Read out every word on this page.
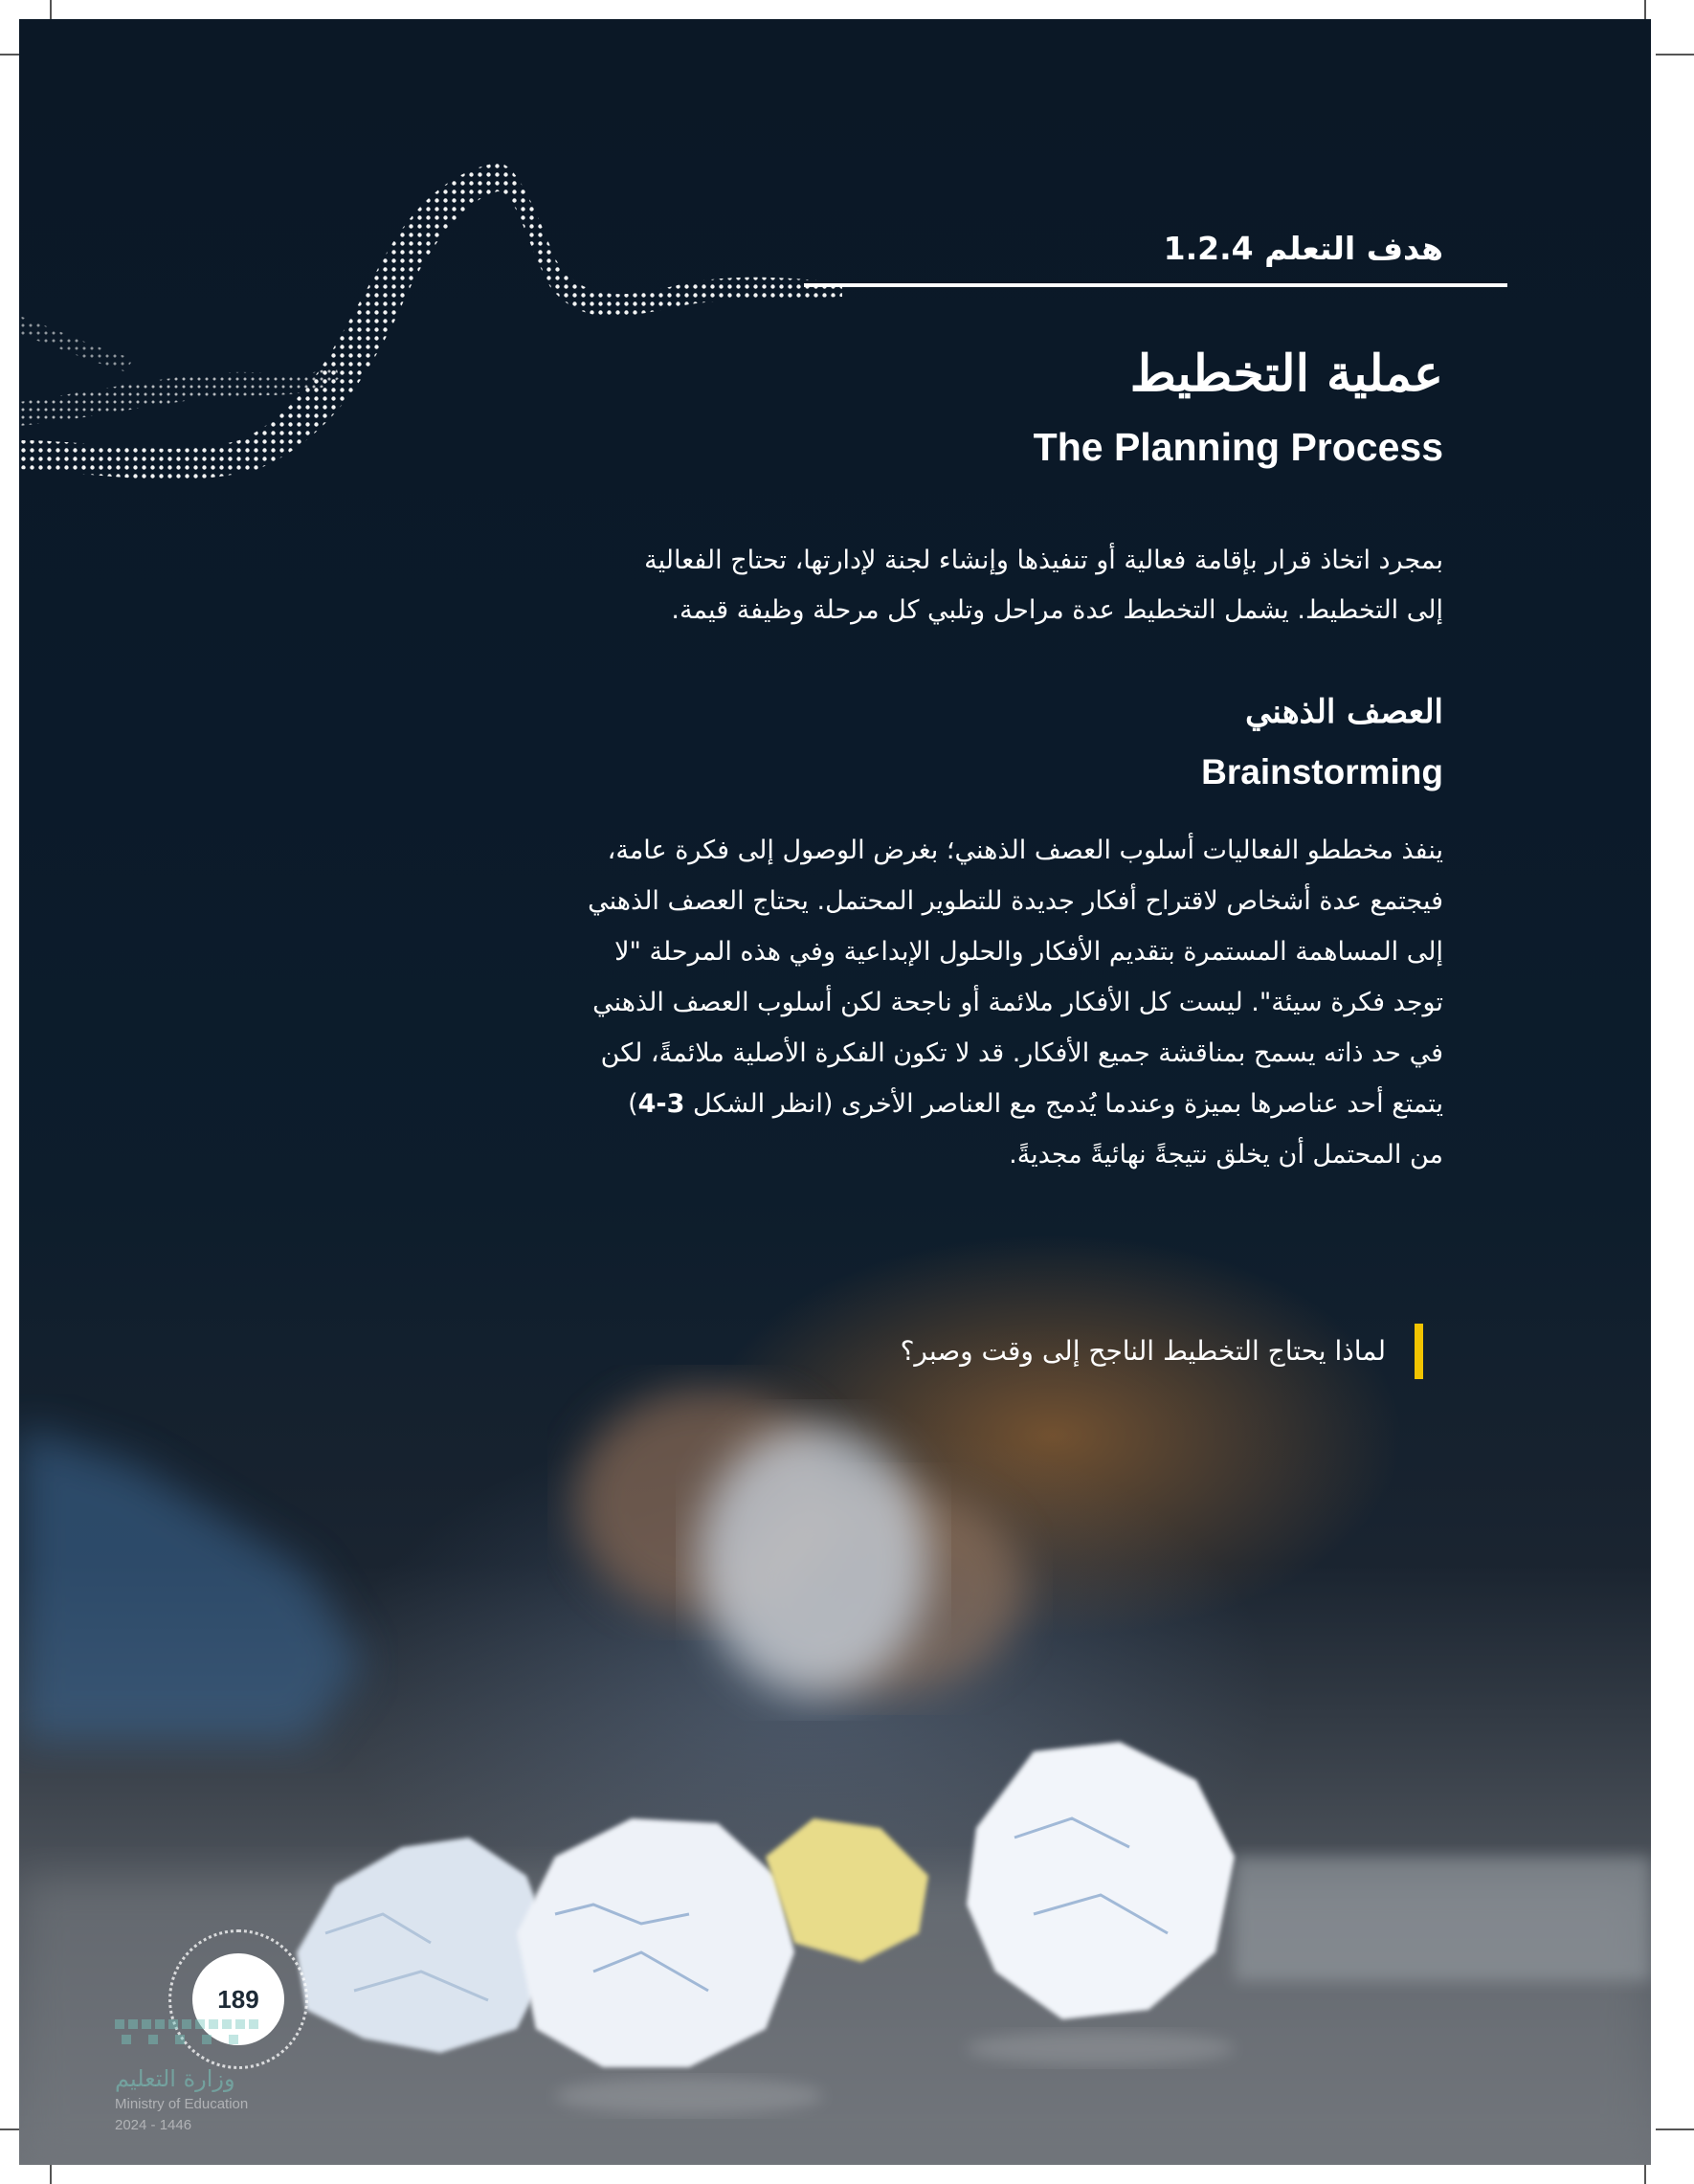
هدف التعلم 1.2.4
عملية التخطيط
The Planning Process
بمجرد اتخاذ قرار بإقامة فعالية أو تنفيذها وإنشاء لجنة لإدارتها، تحتاج الفعالية
إلى التخطيط. يشمل التخطيط عدة مراحل وتلبي كل مرحلة وظيفة قيمة.
العصف الذهني
Brainstorming
ينفذ مخططو الفعاليات أسلوب العصف الذهني؛ بغرض الوصول إلى فكرة عامة،
فيجتمع عدة أشخاص لاقتراح أفكار جديدة للتطوير المحتمل. يحتاج العصف الذهني
إلى المساهمة المستمرة بتقديم الأفكار والحلول الإبداعية وفي هذه المرحلة "لا
توجد فكرة سيئة". ليست كل الأفكار ملائمة أو ناجحة لكن أسلوب العصف الذهني
في حد ذاته يسمح بمناقشة جميع الأفكار. قد لا تكون الفكرة الأصلية ملائمةً، لكن
يتمتع أحد عناصرها بميزة وعندما يُدمج مع العناصر الأخرى (انظر الشكل 3-4)
من المحتمل أن يخلق نتيجةً نهائيةً مجديةً.
لماذا يحتاج التخطيط الناجح إلى وقت وصبر؟
189
وزارة التعليم
Ministry of Education
2024 - 1446
